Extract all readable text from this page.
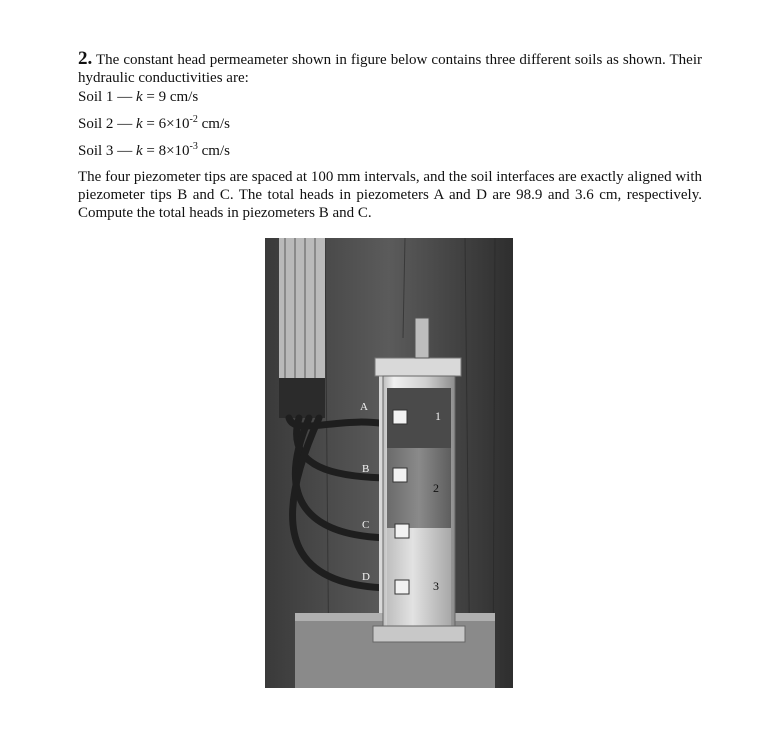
2. The constant head permeameter shown in figure below contains three different soils as shown. Their hydraulic conductivities are:

Soil 1 — k = 9 cm/s

Soil 2 — $k = 6\times 10^{-2}$ cm/s

Soil 3 — $k = 8\times 10^{-3}$ cm/s

The four piezometer tips are spaced at 100 mm intervals, and the soil interfaces are exactly aligned with piezometer tips B and C. The total heads in piezometers A and D are 98.9 and 3.6 cm, respectively. Compute the total heads in piezometers B and C.

A
B
C
D
1
2
3
